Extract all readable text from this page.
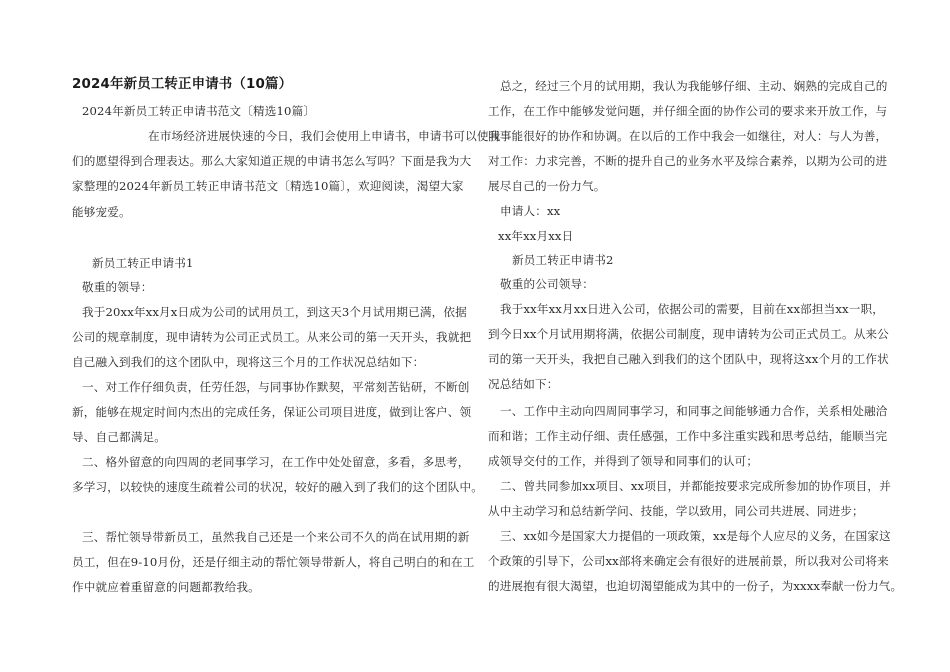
2024年新员工转正申请书（10篇）
2024年新员工转正申请书范文〔精选10篇〕
在市场经济进展快速的今日，我们会使用上申请书，申请书可以使我
们的愿望得到合理表达。那么大家知道正规的申请书怎么写吗？下面是我为大
家整理的2024年新员工转正申请书范文〔精选10篇〕，欢迎阅读，渴望大家
能够宠爱。
新员工转正申请书1
敬重的领导：
我于20xx年xx月x日成为公司的试用员工，到这天3个月试用期已满，依据
公司的规章制度，现申请转为公司正式员工。从来公司的第一天开头，我就把
自己融入到我们的这个团队中，现将这三个月的工作状况总结如下：
一、对工作仔细负责，任劳任怨，与同事协作默契，平常刻苦钻研，不断创
新，能够在规定时间内杰出的完成任务，保证公司项目进度，做到让客户、领
导、自己都满足。
二、格外留意的向四周的老同事学习，在工作中处处留意，多看，多思考，
多学习，以较快的速度生疏着公司的状况，较好的融入到了我们的这个团队中。
三、帮忙领导带新员工，虽然我自己还是一个来公司不久的尚在试用期的新
员工，但在9-10月份，还是仔细主动的帮忙领导带新人，将自己明白的和在工
作中就应着重留意的问题都教给我。
总之，经过三个月的试用期，我认为我能够仔细、主动、娴熟的完成自己的
工作，在工作中能够发觉问题，并仔细全面的协作公司的要求来开放工作，与
同事能很好的协作和协调。在以后的工作中我会一如继往，对人：与人为善，
对工作：力求完善，不断的提升自己的业务水平及综合素养，以期为公司的进
展尽自己的一份力气。
申请人：xx
xx年xx月xx日
新员工转正申请书2
敬重的公司领导：
我于xx年xx月xx日进入公司，依据公司的需要，目前在xx部担当xx一职，
到今日xx个月试用期将满，依据公司制度，现申请转为公司正式员工。从来公
司的第一天开头，我把自己融入到我们的这个团队中，现将这xx个月的工作状
况总结如下：
一、工作中主动向四周同事学习，和同事之间能够通力合作，关系相处融洽
而和谐；工作主动仔细、责任感强，工作中多注重实践和思考总结，能顺当完
成领导交付的工作，并得到了领导和同事们的认可；
二、曾共同参加xx项目、xx项目，并都能按要求完成所参加的协作项目，并
从中主动学习和总结新学问、技能，学以致用，同公司共进展、同进步；
三、xx如今是国家大力提倡的一项政策，xx是每个人应尽的义务，在国家这
个政策的引导下，公司xx部将来确定会有很好的进展前景，所以我对公司将来
的进展抱有很大渴望，也迫切渴望能成为其中的一份子，为xxxx奉献一份力气。
